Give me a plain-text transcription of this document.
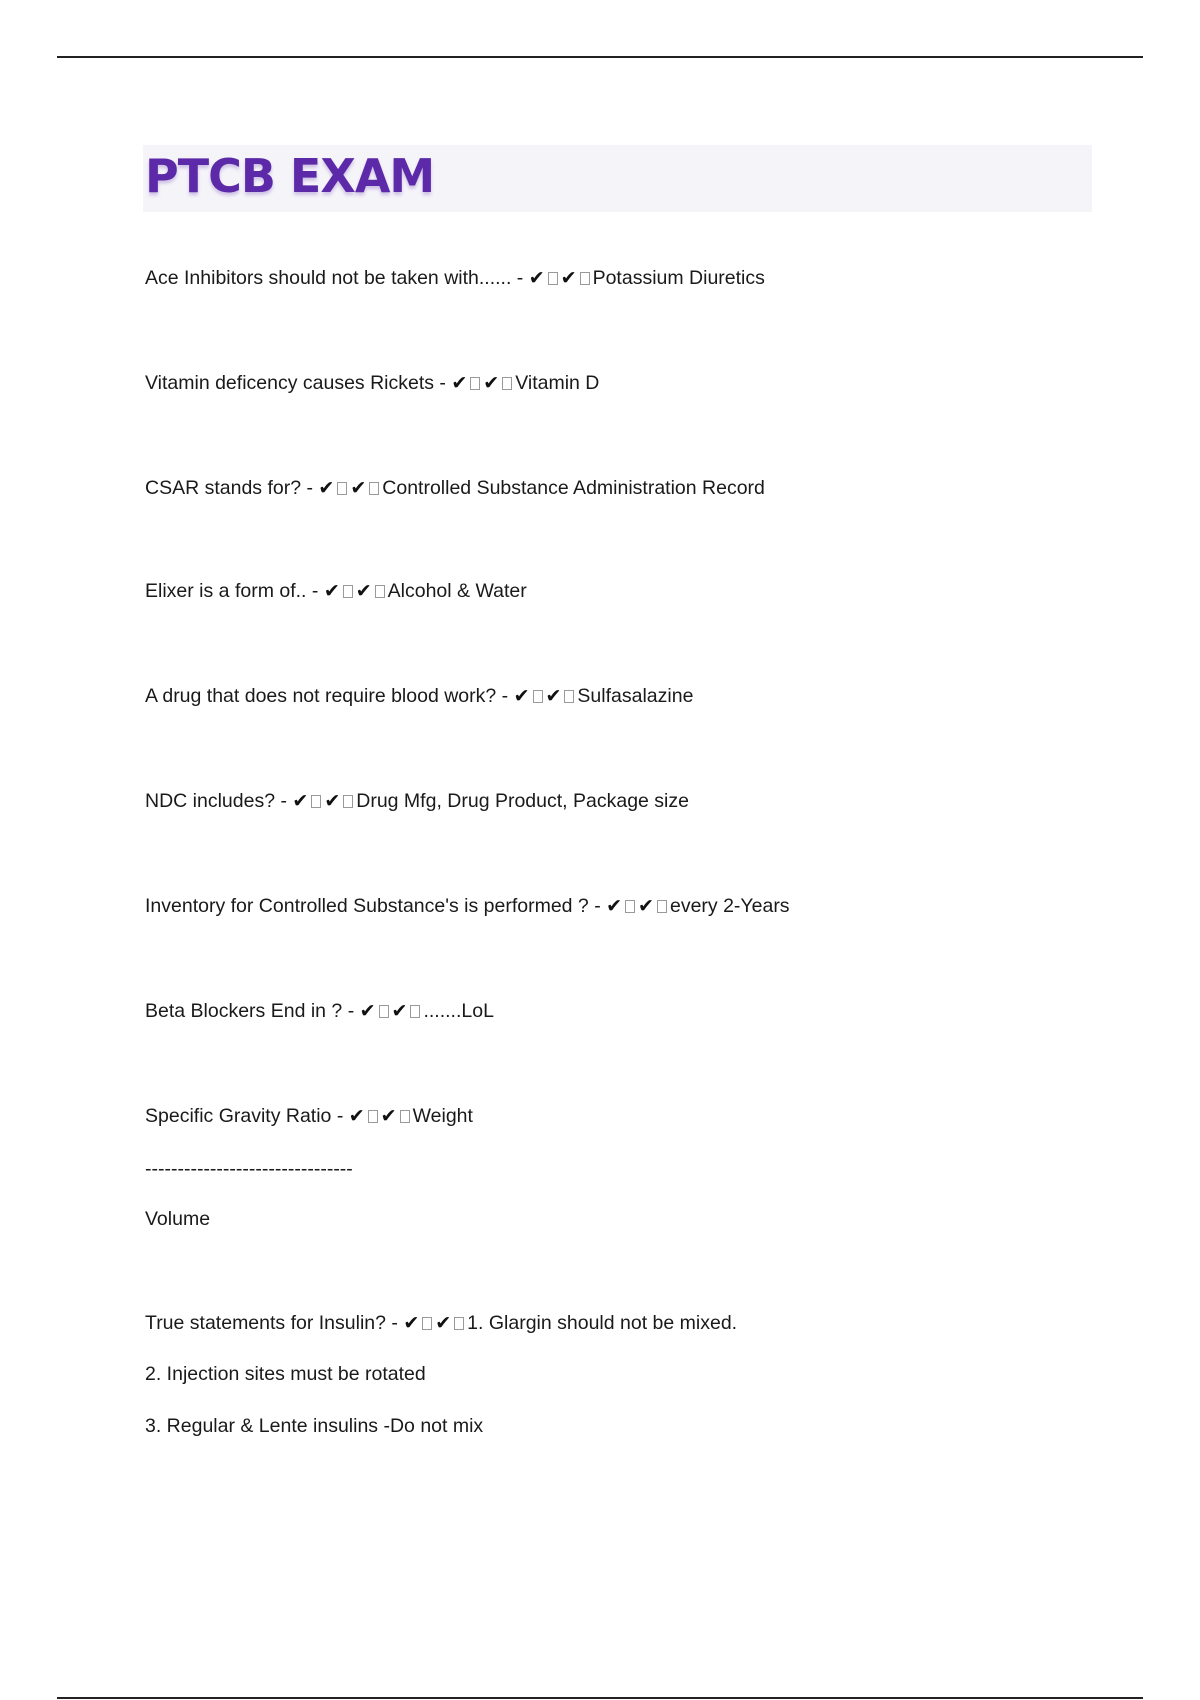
PTCB EXAM
Ace Inhibitors should not be taken with...... - ✔ ✔ Potassium Diuretics
Vitamin deficency causes Rickets - ✔ ✔ Vitamin D
CSAR stands for? - ✔ ✔ Controlled Substance Administration Record
Elixer is a form of.. - ✔ ✔ Alcohol & Water
A drug that does not require blood work? - ✔ ✔ Sulfasalazine
NDC includes? - ✔ ✔ Drug Mfg, Drug Product, Package size
Inventory for Controlled Substance's is performed ? - ✔ ✔ every 2-Years
Beta Blockers End in ? - ✔ ✔ .......LoL
Specific Gravity Ratio - ✔ ✔ Weight
--------------------------------
Volume
True statements for Insulin? - ✔ ✔ 1. Glargin should not be mixed.
2. Injection sites must be rotated
3. Regular & Lente insulins -Do not mix
